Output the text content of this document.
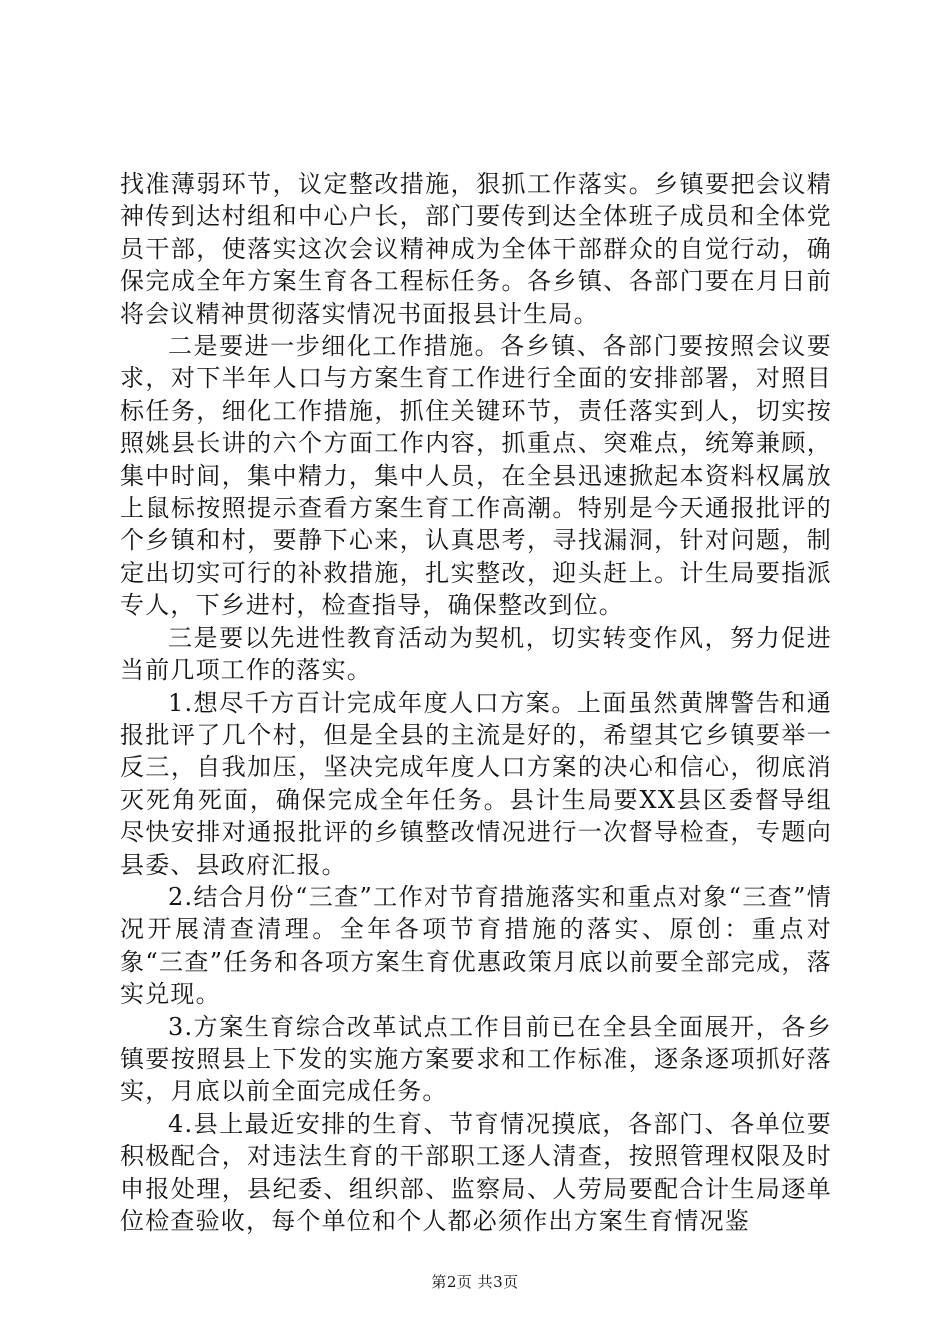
找准薄弱环节，议定整改措施，狠抓工作落实。乡镇要把会议精神传到达村组和中心户长，部门要传到达全体班子成员和全体党员干部，使落实这次会议精神成为全体干部群众的自觉行动，确保完成全年方案生育各工程标任务。各乡镇、各部门要在月日前将会议精神贯彻落实情况书面报县计生局。

二是要进一步细化工作措施。各乡镇、各部门要按照会议要求，对下半年人口与方案生育工作进行全面的安排部署，对照目标任务，细化工作措施，抓住关键环节，责任落实到人，切实按照姚县长讲的六个方面工作内容，抓重点、突难点，统筹兼顾，集中时间，集中精力，集中人员，在全县迅速掀起本资料权属放上鼠标按照提示查看方案生育工作高潮。特别是今天通报批评的个乡镇和村，要静下心来，认真思考，寻找漏洞，针对问题，制定出切实可行的补救措施，扎实整改，迎头赶上。计生局要指派专人，下乡进村，检查指导，确保整改到位。

三是要以先进性教育活动为契机，切实转变作风，努力促进当前几项工作的落实。

1.想尽千方百计完成年度人口方案。上面虽然黄牌警告和通报批评了几个村，但是全县的主流是好的，希望其它乡镇要举一反三，自我加压，坚决完成年度人口方案的决心和信心，彻底消灭死角死面，确保完成全年任务。县计生局要XX县区委督导组尽快安排对通报批评的乡镇整改情况进行一次督导检查，专题向县委、县政府汇报。

2.结合月份“三查”工作对节育措施落实和重点对象“三查”情况开展清查清理。全年各项节育措施的落实、原创：重点对象“三查”任务和各项方案生育优惠政策月底以前要全部完成，落实兑现。

3.方案生育综合改革试点工作目前已在全县全面展开，各乡镇要按照县上下发的实施方案要求和工作标准，逐条逐项抓好落实，月底以前全面完成任务。

4.县上最近安排的生育、节育情况摸底，各部门、各单位要积极配合，对违法生育的干部职工逐人清查，按照管理权限及时申报处理，县纪委、组织部、监察局、人劳局要配合计生局逐单位检查验收，每个单位和个人都必须作出方案生育情况鉴

第2页 共3页
